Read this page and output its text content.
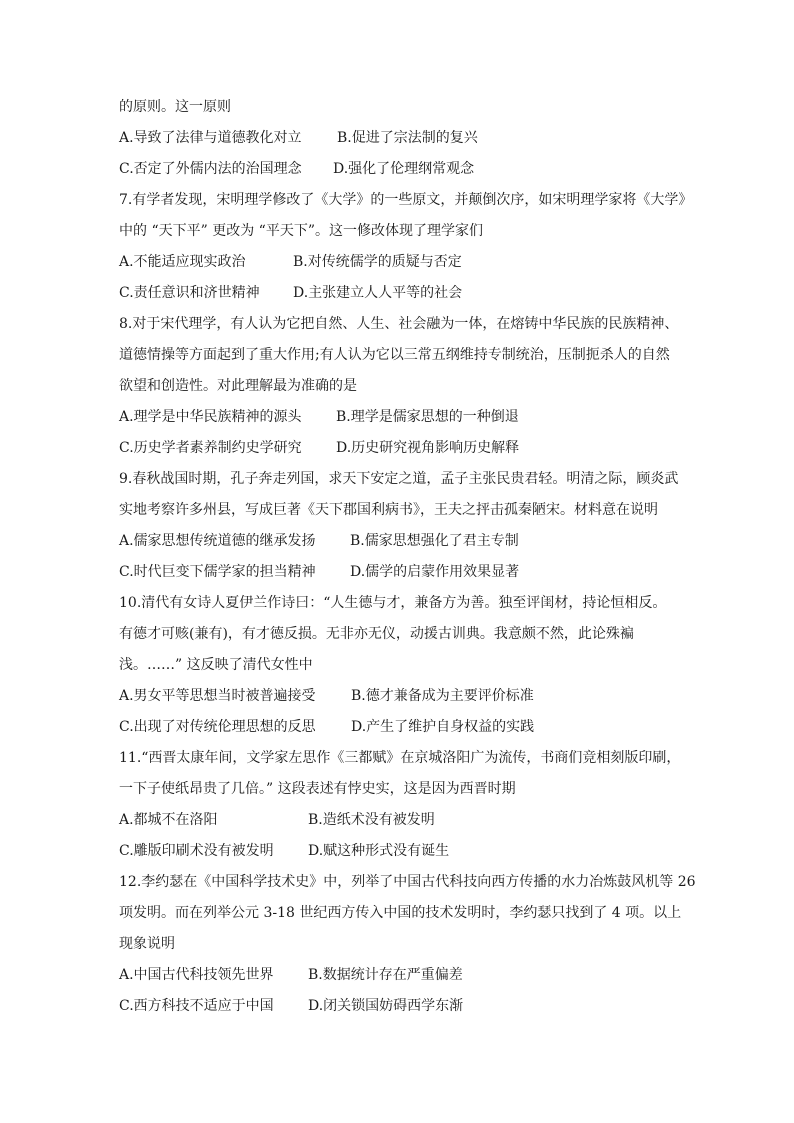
的原则。这一原则
A.导致了法律与道德教化对立	B.促进了宗法制的复兴
C.否定了外儒内法的治国理念	D.强化了伦理纲常观念
7.有学者发现，宋明理学修改了《大学》的一些原文，并颠倒次序，如宋明理学家将《大学》
中的 “天下平” 更改为 “平天下”。这一修改体现了理学家们
A.不能适应现实政治	B.对传统儒学的质疑与否定
C.责任意识和济世精神	D.主张建立人人平等的社会
8.对于宋代理学，有人认为它把自然、人生、社会融为一体，在熔铸中华民族的民族精神、
道德情操等方面起到了重大作用;有人认为它以三常五纲维持专制统治，压制扼杀人的自然
欲望和创造性。对此理解最为准确的是
A.理学是中华民族精神的源头	B.理学是儒家思想的一种倒退
C.历史学者素养制约史学研究	D.历史研究视角影响历史解释
9.春秋战国时期，孔子奔走列国，求天下安定之道，孟子主张民贵君轻。明清之际，顾炎武
实地考察许多州县，写成巨著《天下郡国利病书》，王夫之抨击孤秦陋宋。材料意在说明
A.儒家思想传统道德的继承发扬	B.儒家思想强化了君主专制
C.时代巨变下儒学家的担当精神	D.儒学的启蒙作用效果显著
10.清代有女诗人夏伊兰作诗曰：“人生德与才，兼备方为善。独至评闺材，持论恒相反。
有德才可赅(兼有)，有才德反损。无非亦无仪，动援古训典。我意颇不然，此论殊褊
浅。……” 这反映了清代女性中
A.男女平等思想当时被普遍接受	B.德才兼备成为主要评价标准
C.出现了对传统伦理思想的反思	D.产生了维护自身权益的实践
11.“西晋太康年间，文学家左思作《三都赋》在京城洛阳广为流传，书商们竞相刻版印刷，
一下子使纸昂贵了几倍。” 这段表述有悖史实，这是因为西晋时期
A.都城不在洛阳	B.造纸术没有被发明
C.雕版印刷术没有被发明	D.赋这种形式没有诞生
12.李约瑟在《中国科学技术史》中，列举了中国古代科技向西方传播的水力冶炼鼓风机等 26
项发明。而在列举公元 3-18 世纪西方传入中国的技术发明时，李约瑟只找到了 4 项。以上
现象说明
A.中国古代科技领先世界	B.数据统计存在严重偏差
C.西方科技不适应于中国	D.闭关锁国妨碍西学东渐
